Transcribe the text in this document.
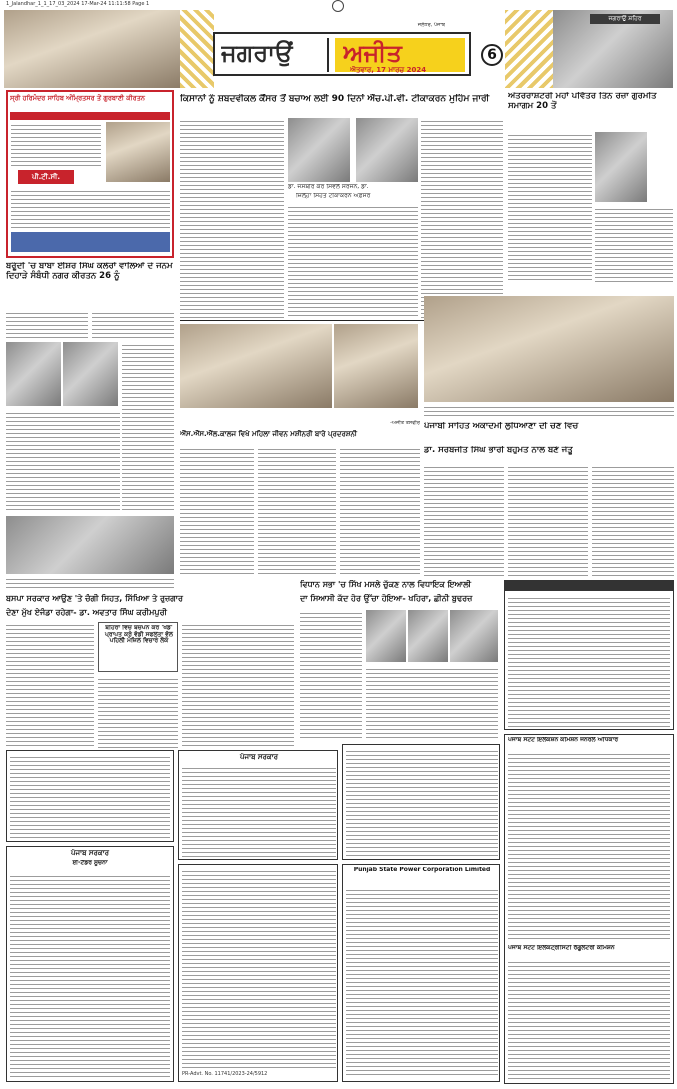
1_Jalandhar_1_1_17_03_2024 17-Mar-24 11:11:58 Page 1
ਜਗਰਾਉਂ	ਅਜੀਤ
ਜਲੰਧਰ, ਪੰਜਾਬ
ਐਤਵਾਰ, 17 ਮਾਰਚ 2024
6
ਜਗਰਾਉਂ ਸ਼ਹਿਰ
ਸ੍ਰੀ ਹਰਿਮੰਦਰ ਸਾਹਿਬ ਅੰਮ੍ਰਿਤਸਰ ਤੋਂ ਗੁਰਬਾਣੀ ਕੀਰਤਨ
ਪੀ.ਟੀ.ਸੀ.
ਕਿਸਾਨਾਂ ਨੂੰ ਸ਼ਬਦਵੀਕਲ ਕੈਂਸਰ ਤੋਂ ਬਚਾਅ ਲਈ 90 ਦਿਨਾਂ ਐੱਚ.ਪੀ.ਵੀ. ਟੀਕਾਕਰਨ ਮੁਹਿੰਮ ਜਾਰੀ
ਡਾ. ਜਸਬੀਰ ਕੌਰ ਸਿਵਲ ਸਰਜਨ, ਡਾ.
ਜ਼ਿਲ੍ਹਾ ਸਿਹਤ ਟੀਕਾਕਰਨ ਅਫ਼ਸਰ
ਅੰਤਰਰਾਸ਼ਟਰੀ ਮਹਾਂ ਪਵਿੱਤਰ ਤਿੰਨ ਰੋਜ਼ਾ ਗੁਰਮਤਿ ਸਮਾਗਮ 20 ਤੋਂ
ਬਰੂੰਦੀ 'ਚ ਬਾਬਾ ਈਸ਼ਰ ਸਿੰਘ ਕਲੇਰਾਂ ਵਾਲਿਆਂ ਦੇ ਜਨਮ ਦਿਹਾੜੇ ਸੰਬੰਧੀ ਨਗਰ ਕੀਰਤਨ 26 ਨੂੰ
-ਅਜੀਤ ਤਸਵੀਰ
ਐੱਸ.ਐੱਸ.ਐੱਲ.ਕਾਲਜ ਵਿਖੇ ਮਹਿਲਾ ਜੀਵਨ ਮਸ਼ੀਨਰੀ ਬਾਰੇ ਪ੍ਰਦਰਸ਼ਨੀ
ਪੰਜਾਬੀ ਸਾਹਿਤ ਅਕਾਦਮੀ ਲੁਧਿਆਣਾ ਦੀ ਚੋਣ ਵਿਚ
ਡਾ. ਸਰਬਜੀਤ ਸਿੰਘ ਭਾਰੀ ਬਹੁਮਤ ਨਾਲ ਬਣੇ ਜੇਤੂ
ਬਸਪਾ ਸਰਕਾਰ ਆਉਣ 'ਤੇ ਚੰਗੀ ਸਿਹਤ, ਸਿੱਖਿਆ ਤੇ ਰੁਜ਼ਗਾਰ
ਦੇਣਾ ਮੁੱਖ ਏਜੰਡਾ ਰਹੇਗਾ- ਡਾ. ਅਵਤਾਰ ਸਿੰਘ ਕਰੀਮਪੁਰੀ
ਬਹਿਰਾਂ ਵਿੱਚ ਬਚਪਨ ਕਰੋ 'ਖੇਡ' ਪ੍ਰਾਪਤ ਕਰੋ ਵੱਡੀ ਸਫਲਤਾ ਵੱਲ ਪਹਿਲੀ ਮੰਜ਼ਿਲ ਵਿਚਾਰੇ ਲੋਕੋ
ਵਿਧਾਨ ਸਭਾ 'ਚ ਸਿੱਖ ਮਸਲੇ ਚੁੱਕਣ ਨਾਲ ਵਿਧਾਇਕ ਇਆਲੀ
ਦਾ ਸਿਆਸੀ ਕੱਦ ਹੋਰ ਉੱਚਾ ਹੋਇਆ- ਖਹਿਰਾ, ਛੀਨੀ ਬੁਢਰਜ਼
ਪੰਜਾਬ ਸਟੇਟ ਇਲੈਕਸ਼ਨ ਕਮਿਸ਼ਨ ਜਨਰਲ ਅਧਿਕਾਰ
ਪੰਜਾਬ ਸਟੇਟ ਇਲੈਕਟ੍ਰੀਸਿਟੀ ਰੈਗੂਲੇਟਰੀ ਕਮਿਸ਼ਨ
ਪੰਜਾਬ ਸਰਕਾਰ
ਈ-ਟੈਂਡਰ ਸੂਚਨਾ
ਪੰਜਾਬ ਸਰਕਾਰ
PR-Advt. No. 11741/2023-24/5912
Punjab State Power Corporation Limited
